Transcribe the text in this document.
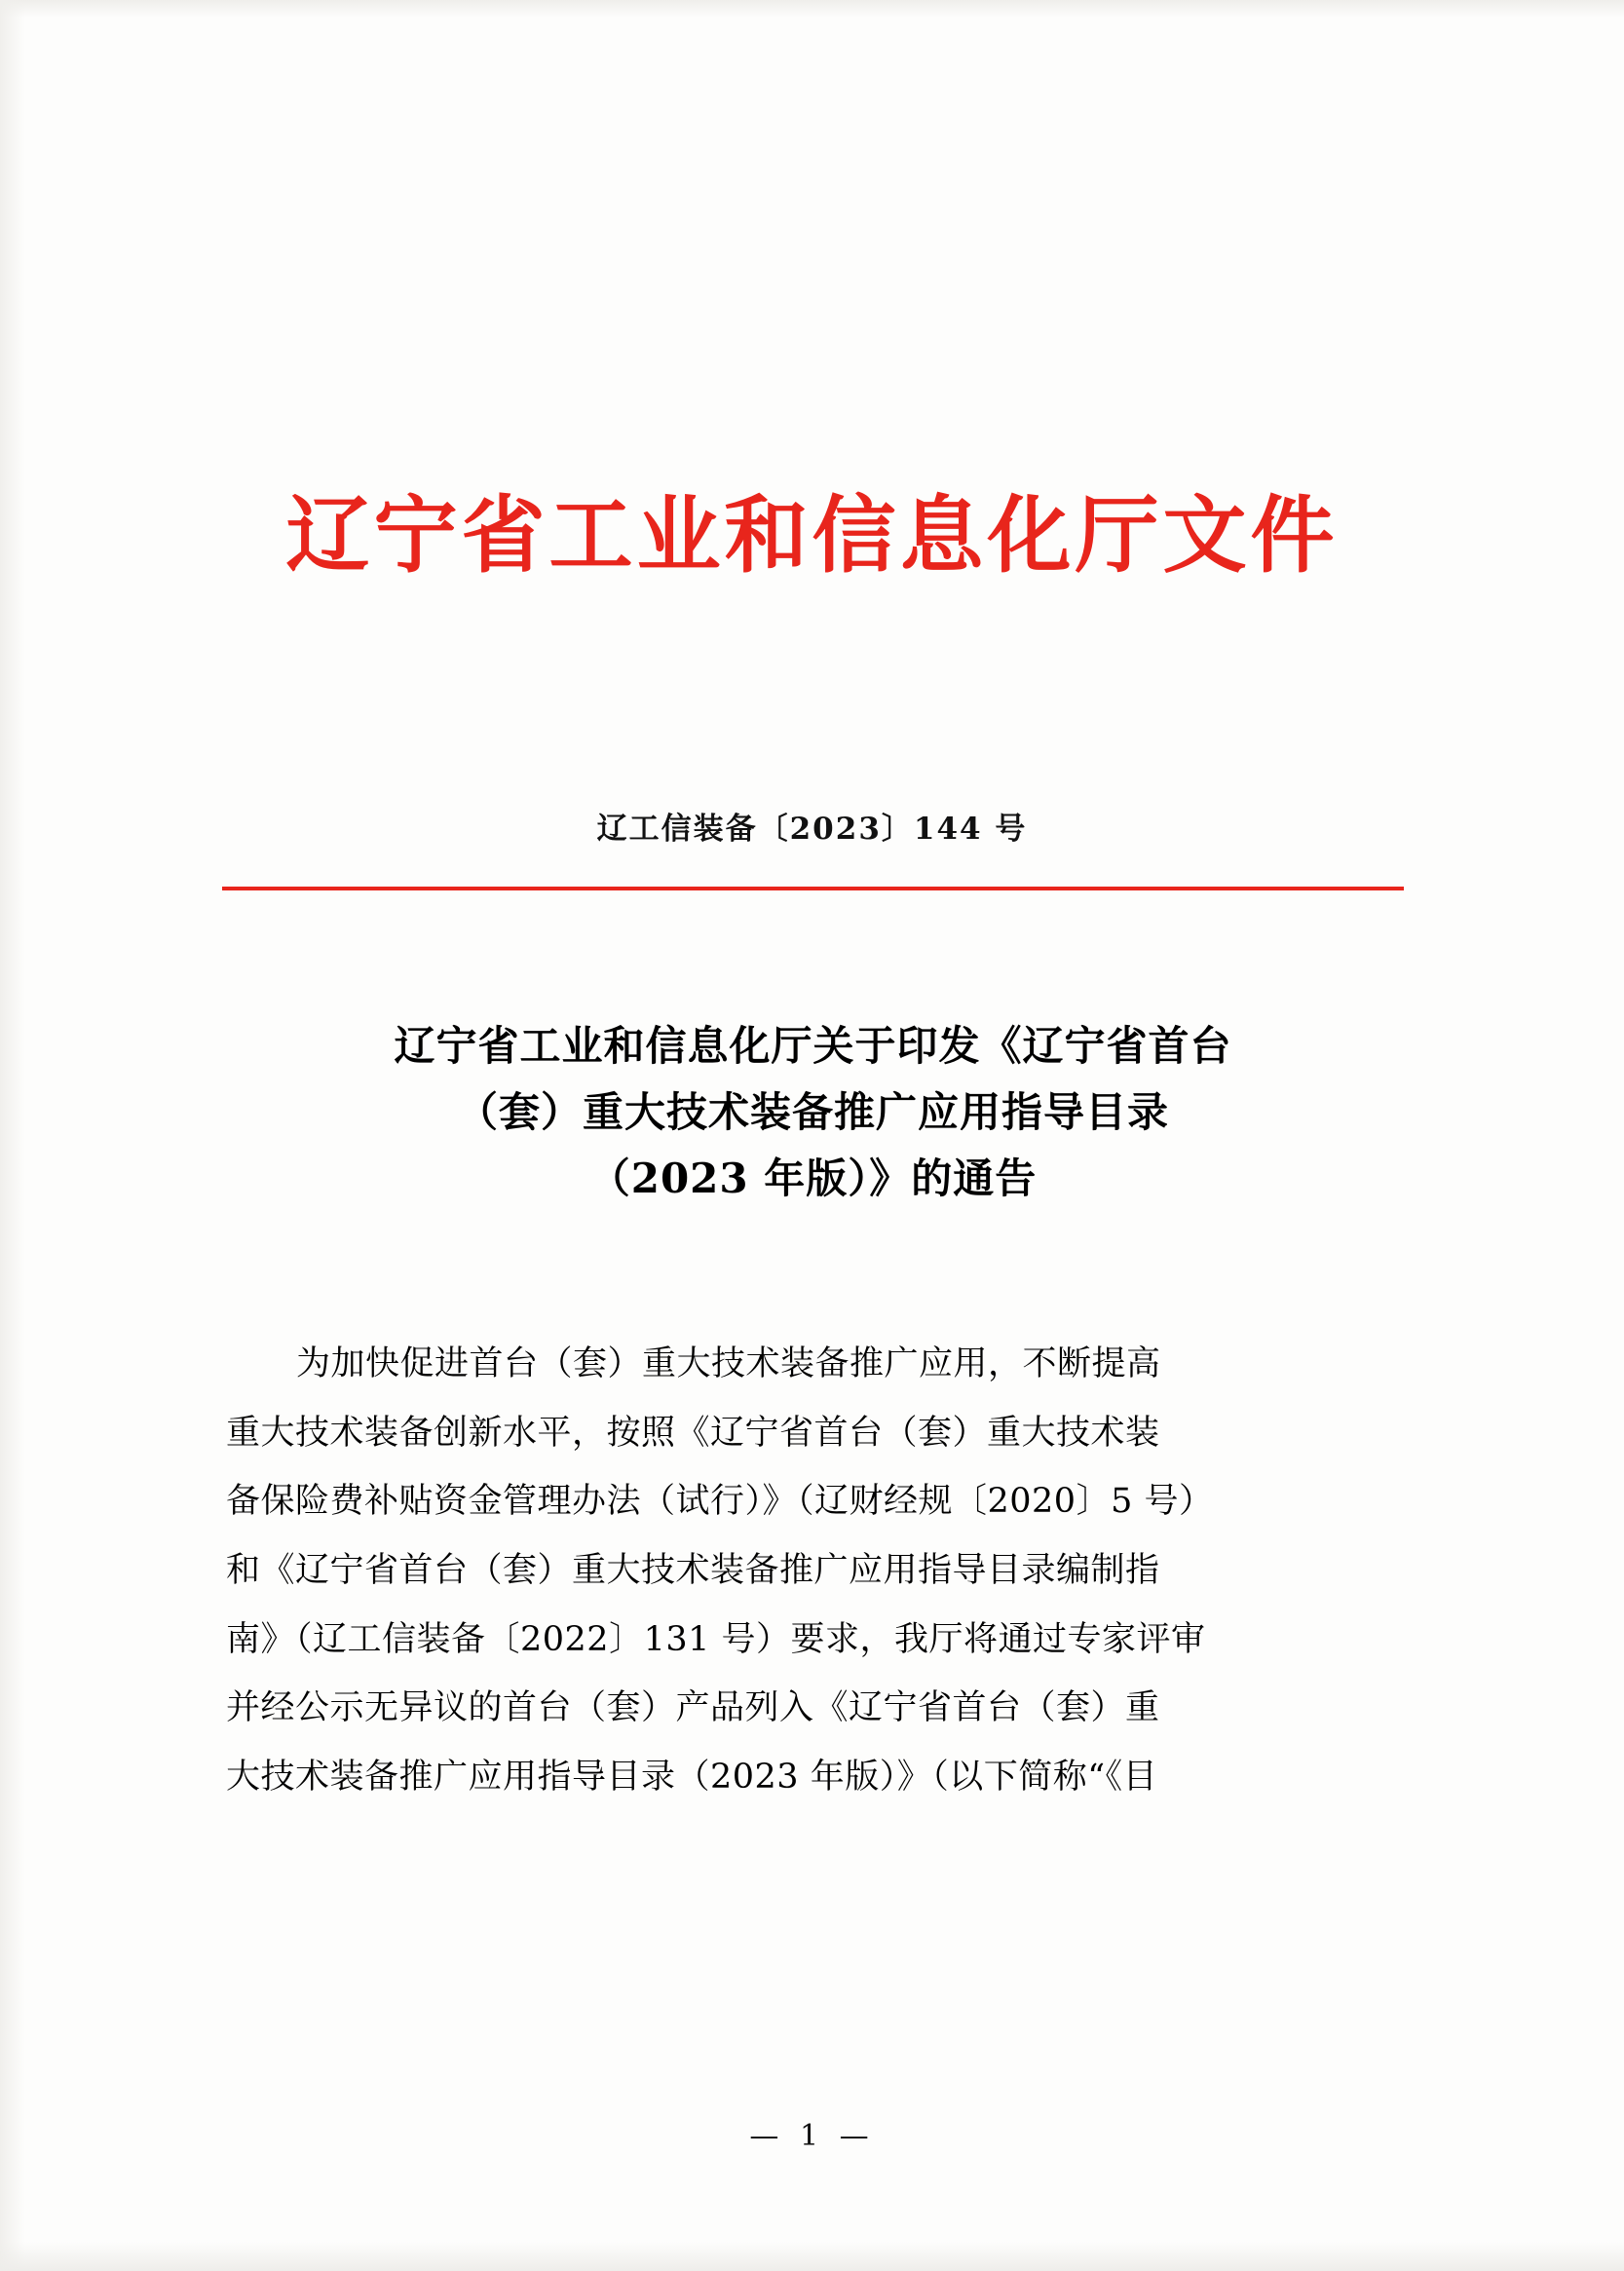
辽宁省工业和信息化厅文件
辽工信装备〔2023〕144 号
辽宁省工业和信息化厅关于印发《辽宁省首台
（套）重大技术装备推广应用指导目录
（2023 年版）》的通告

为加快促进首台（套）重大技术装备推广应用，不断提高
重大技术装备创新水平，按照《辽宁省首台（套）重大技术装
备保险费补贴资金管理办法（试行）》（辽财经规〔2020〕5 号）
和《辽宁省首台（套）重大技术装备推广应用指导目录编制指
南》（辽工信装备〔2022〕131 号）要求，我厅将通过专家评审
并经公示无异议的首台（套）产品列入《辽宁省首台（套）重
大技术装备推广应用指导目录（2023 年版）》（以下简称“《目

— 1 —
